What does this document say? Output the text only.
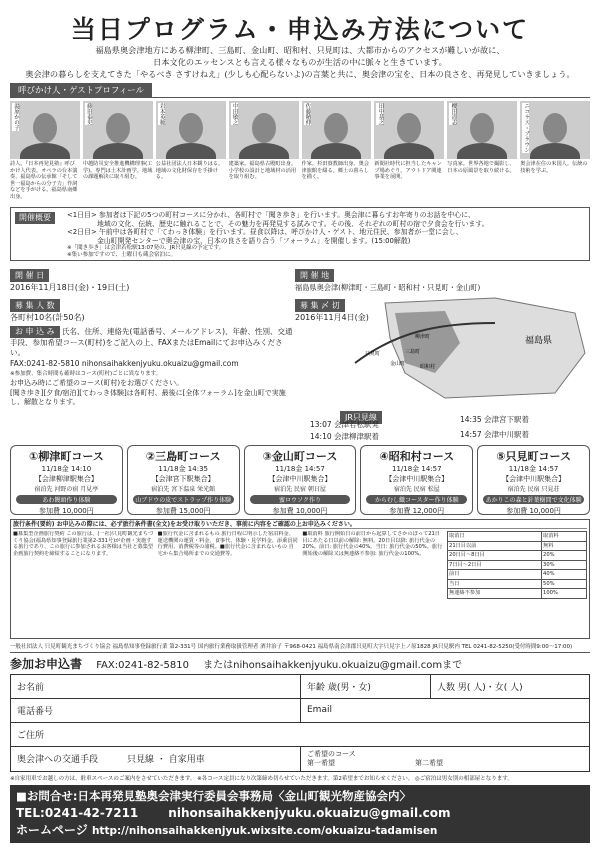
当日プログラム・申込み方法について
福島県奥会津地方にある柳津町、三島町、金山町、昭和村、只見町は、大都市からのアクセスが難しいが故に、
日本文化のエッセンスとも言える様々なものが生活の中に脈々と生きています。
奥会津の暮らしを支えてきた「やるべき さすけねえ」(少しも心配らないよ)の言葉と共に、奥会津の宝を、日本の良さを、再発見していきましょう。
呼びかけ人・ゲストプロフィール
湯原かの子
詩人。『日本再発見塾』呼びかけ人代表。オペラの台本演奏、福島県の伝承館「そして世一福島からの分子力」作詞などを手がける。福島県南郷出身。
藤田泰史
中越防災安全推進機構理事(工学)。専門は土木計画学。地域の課題解決に取り組む。
岩本英範
公益社団法人日本観りはる。地域の文化財保存を手掛ける。
中田敏之
建築家。福島県古殿町出身。小学校の設計と地域材の活用を取り組む。
佐藤精伸
作家。杉田寮教師出身。奥会津旅館を綴る。郷土の暮らしを描く。
田中基之
新聞社時代に担当したキャンプ場めぐり。アウトドア関連事業を展開。
櫻田清志
写真家。世界各地で撮影し、日本の原風景を取り続ける。
ニコラス・ブラウン
奥会津在住の米国人。伝統の技術を学ぶ。
開催概要	<1日目> 参加者は下記の5つの町村コースに分かれ、各町村で「聞き歩き」を行います。奥会津に暮らすお年寄りのお話を中心に、
地域の文化、伝統、歴史に触れることで、その魅力を再発見する試みです。その後、それぞれの町村の宿で夕食会を行います。
<2日目> 午前中は各町村で「てわっき体験」を行います。昼食以降は、呼びかけ人・ゲスト、地元住民、参加者が一堂に会し、
金山町開発センターで奥会津の宝、日本の良さを語り合う「フォーラム」を開催します。(15:00解散)
※「聞き歩き」は会津若松駅13:07発の、JR只見線の予定です。
※集い参加ですので、土曜日も蔵会宿泊に。
開 催 日
2016年11月18日(金)・19日(土)
募 集 人 数
各町村10名(計50名)
お 申 込 み 氏名、住所、連絡先(電話番号、メールアドレス)、年齢、性別、交通手段、参加希望コース(町村)をご記入の上、FAXまたはEmailにてお申込みください。
FAX:0241-82-5810 nihonsaihakkenjyuku.okuaizu@gmail.com
※参加費、集合時間も確時はコース(町村)ごとに異なります。
お申込み時にご希望のコース(町村)をお選びください。
[聞き歩き][夕食/宿泊][てわっき体験]は各町村、最後に[全体フォーラム]を金山町で実施し、解散となります。
開 催 地
福島県奥会津(柳津町・三島町・昭和村・只見町・金山町)
募 集 〆 切
2016年11月4日(金)
福島県
柳津町
三島町
金山町	昭和村
只見町
JR只見線
13:07 会津若松駅発
14:10 会津柳津駅着
14:35 会津宮下駅着
14:57 会津中川駅着
①柳津町コース
11/18金 14:10
【会津柳津駅集合】
宿泊先 河野の宿 月見亭
あわ饅頭作り体験
参加費 10,000円
②三島町コース
11/18金 14:35
【会津宮下駅集合】
宿泊先 宮下温泉 栄光館
山ブドウの皮でストラップ作り体験
参加費 15,000円
③金山町コース
11/18金 14:57
【会津中川駅集合】
宿泊先 民宿 朝日屋
蜜ロウソク作り
参加費 10,000円
④昭和村コース
11/18金 14:57
【会津中川駅集合】
宿泊先 民宿 松屋
からむし織コースター作り体験
参加費 12,000円
⑤只見町コース
11/18金 14:57
【会津中川駅集合】
宿泊先 民宿 只見荘
あかりこの森と針葉樹間で文化体験
参加費 10,000円
旅行条件(要約) お申込みの際には、必ず旅行条件書(全文)をお受け取りいただき、事前に内容をご確認の上お申込みください。
■募集型企画旅行契約 この旅行は、(一社)只見町観光まちづくり協会(福島県知事登録旅行業第2-331号)が企画・実施する旅行であり、この旅行に参加されるお客様は当社と募集型企画旅行契約を締結することになります。
■旅行代金に含まれるもの 旅行日程に明示した宿泊料金、運送機関の運賃・料金、食事代、体験・見学料金、添乗員同行費用、消費税等の諸税。■旅行代金に含まれないもの 自宅から集合場所までの交通費等。
■取消料 旅行開始日の前日から起算してさかのぼって21日目にあたる日以前の解除: 無料。20日目以降: 旅行代金の20%。前日: 旅行代金の40%。当日: 旅行代金の50%。旅行開始後の解除又は無連絡不参加: 旅行代金の100%。
取消日	取消料
21日目以前	無料
20日目〜8日目	20%
7日目〜2日目	30%
前日	40%
当日	50%
無連絡不参加	100%
一般社団法人 只見町観光まちづくり協会 福島県知事登録旅行業 第2-331号 国内旅行業務取扱管理者 酒井治子 〒968-0421 福島県南会津郡只見町大字只見字上ノ原1828 JR只見駅内 TEL 0241-82-5250(受付時間9:00〜17:00)
参加お申込書 FAX:0241-82-5810 またはnihonsaihakkenjyuku.okuaizu@gmail.comまで
お名前	年齢 歳(男・女)	人数 男( 人)・女( 人)
電話番号	Email
ご住所
奥会津への交通手段	只見線 ・ 自家用車
ご希望のコース
第一希望	第二希望
※自家用車でお越しの方は、駐車スペースのご案内をさせていただきます。 ※各コース定員になり次第締め切らせていただきます。第2希望までお知らせください。 ◎ご宿泊は男女別の相部屋となります。
■お問合せ:日本再発見塾奥会津実行委員会事務局〈金山町観光物産協会内〉
TEL:0241-42-7211	nihonsaihakkenjyuku.okuaizu@gmail.com
ホームページ http://nihonsaihakkenjyuk.wixsite.com/okuaizu-tadamisen
